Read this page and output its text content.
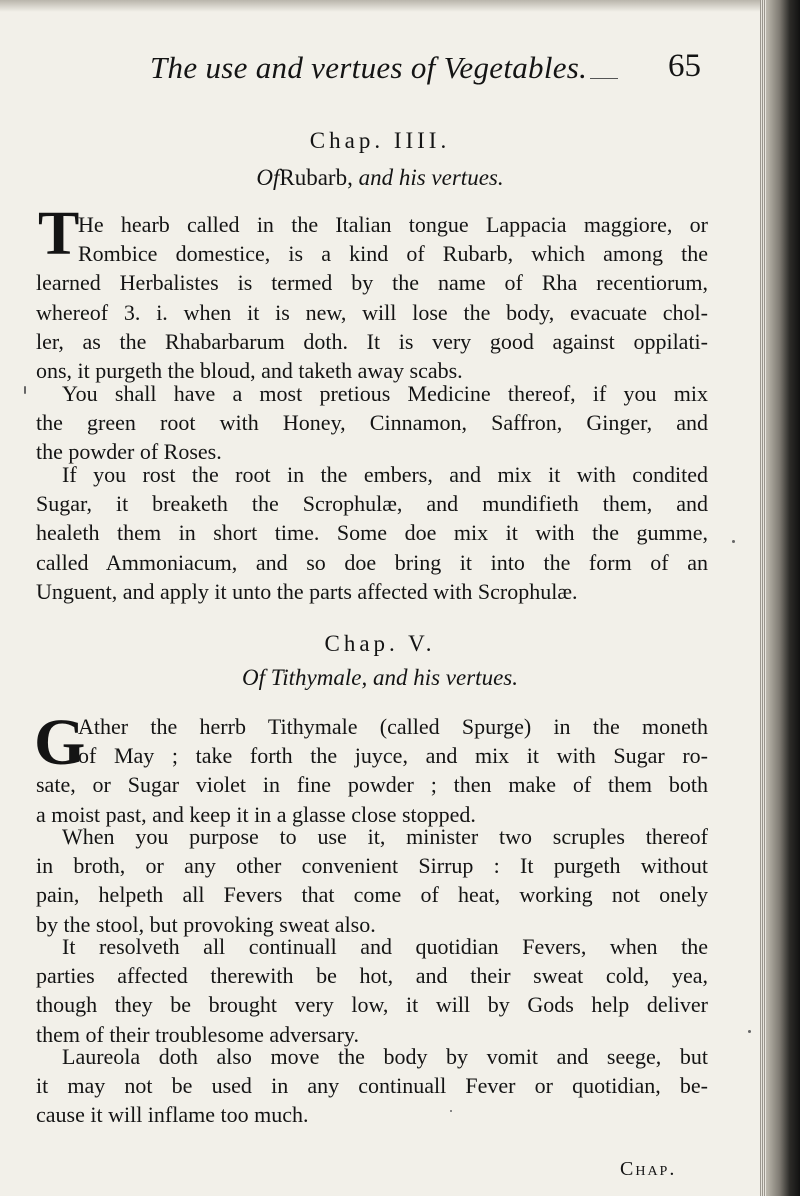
The use and vertues of Vegetables. 65
Chap. IIII.
OfRubarb, and his vertues.
T
He hearb called in the Italian tongue Lappacia maggiore, or
Rombice domestice, is a kind of Rubarb, which among the
learned Herbalistes is termed by the name of Rha recentiorum,
whereof 3. i. when it is new, will lose the body, evacuate chol-
ler, as the Rhabarbarum doth. It is very good against oppilati-
ons, it purgeth the bloud, and taketh away scabs.
You shall have a most pretious Medicine thereof, if you mix
the green root with Honey, Cinnamon, Saffron, Ginger, and
the powder of Roses.
If you rost the root in the embers, and mix it with condited
Sugar, it breaketh the Scrophulæ, and mundifieth them, and
healeth them in short time. Some doe mix it with the gumme,
called Ammoniacum, and so doe bring it into the form of an
Unguent, and apply it unto the parts affected with Scrophulæ.
Chap. V.
Of Tithymale, and his vertues.
G
Ather the herrb Tithymale (called Spurge) in the moneth
of May ; take forth the juyce, and mix it with Sugar ro-
sate, or Sugar violet in fine powder ; then make of them both
a moist past, and keep it in a glasse close stopped.
When you purpose to use it, minister two scruples thereof
in broth, or any other convenient Sirrup : It purgeth without
pain, helpeth all Fevers that come of heat, working not onely
by the stool, but provoking sweat also.
It resolveth all continuall and quotidian Fevers, when the
parties affected therewith be hot, and their sweat cold, yea,
though they be brought very low, it will by Gods help deliver
them of their troublesome adversary.
Laureola doth also move the body by vomit and seege, but
it may not be used in any continuall Fever or quotidian, be-
cause it will inflame too much.
Chap.
